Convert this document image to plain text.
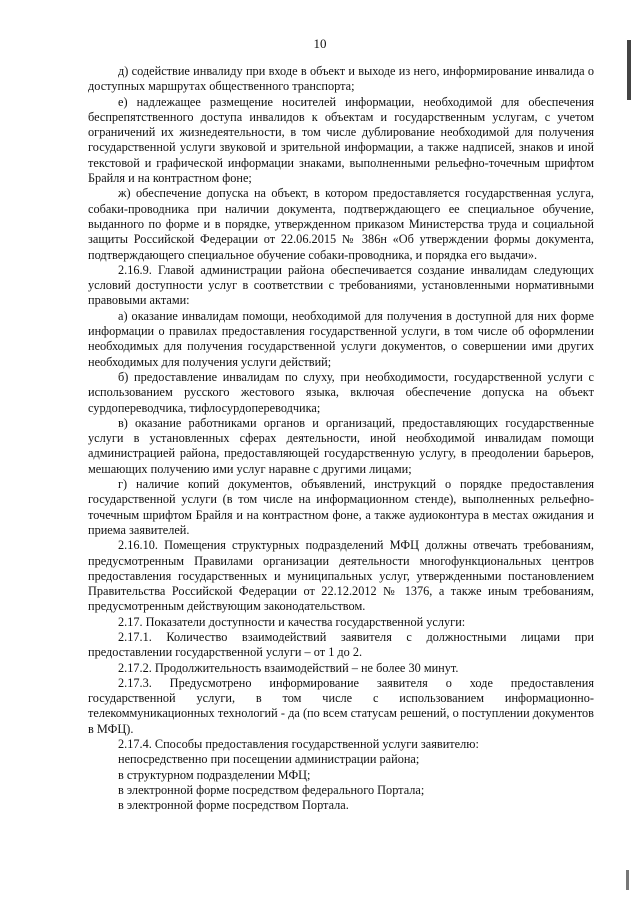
10

д) содействие инвалиду при входе в объект и выходе из него, информирование инвалида о доступных маршрутах общественного транспорта;

е) надлежащее размещение носителей информации, необходимой для обеспечения беспрепятственного доступа инвалидов к объектам и государственным услугам, с учетом ограничений их жизнедеятельности, в том числе дублирование необходимой для получения государственной услуги звуковой и зрительной информации, а также надписей, знаков и иной текстовой и графической информации знаками, выполненными рельефно-точечным шрифтом Брайля и на контрастном фоне;

ж) обеспечение допуска на объект, в котором предоставляется государственная услуга, собаки-проводника при наличии документа, подтверждающего ее специальное обучение, выданного по форме и в порядке, утвержденном приказом Министерства труда и социальной защиты Российской Федерации от 22.06.2015 № 386н «Об утверждении формы документа, подтверждающего специальное обучение собаки-проводника, и порядка его выдачи».

2.16.9. Главой администрации района обеспечивается создание инвалидам следующих условий доступности услуг в соответствии с требованиями, установленными нормативными правовыми актами:

а) оказание инвалидам помощи, необходимой для получения в доступной для них форме информации о правилах предоставления государственной услуги, в том числе об оформлении необходимых для получения государственной услуги документов, о совершении ими других необходимых для получения услуги действий;

б) предоставление инвалидам по слуху, при необходимости, государственной услуги с использованием русского жестового языка, включая обеспечение допуска на объект сурдопереводчика, тифлосурдопереводчика;

в) оказание работниками органов и организаций, предоставляющих государственные услуги в установленных сферах деятельности, иной необходимой инвалидам помощи администрацией района, предоставляющей государственную услугу, в преодолении барьеров, мешающих получению ими услуг наравне с другими лицами;

г) наличие копий документов, объявлений, инструкций о порядке предоставления государственной услуги (в том числе на информационном стенде), выполненных рельефно-точечным шрифтом Брайля и на контрастном фоне, а также аудиоконтура в местах ожидания и приема заявителей.

2.16.10. Помещения структурных подразделений МФЦ должны отвечать требованиям, предусмотренным Правилами организации деятельности многофункциональных центров предоставления государственных и муниципальных услуг, утвержденными постановлением Правительства Российской Федерации от 22.12.2012 № 1376, а также иным требованиям, предусмотренным действующим законодательством.

2.17. Показатели доступности и качества государственной услуги:

2.17.1. Количество взаимодействий заявителя с должностными лицами при предоставлении государственной услуги – от 1 до 2.

2.17.2. Продолжительность взаимодействий – не более 30 минут.

2.17.3. Предусмотрено информирование заявителя о ходе предоставления государственной услуги, в том числе с использованием информационно-телекоммуникационных технологий - да (по всем статусам решений, о поступлении документов в МФЦ).

2.17.4. Способы предоставления государственной услуги заявителю:

непосредственно при посещении администрации района;

в структурном подразделении МФЦ;

в электронной форме посредством федерального Портала;

в электронной форме посредством Портала.
